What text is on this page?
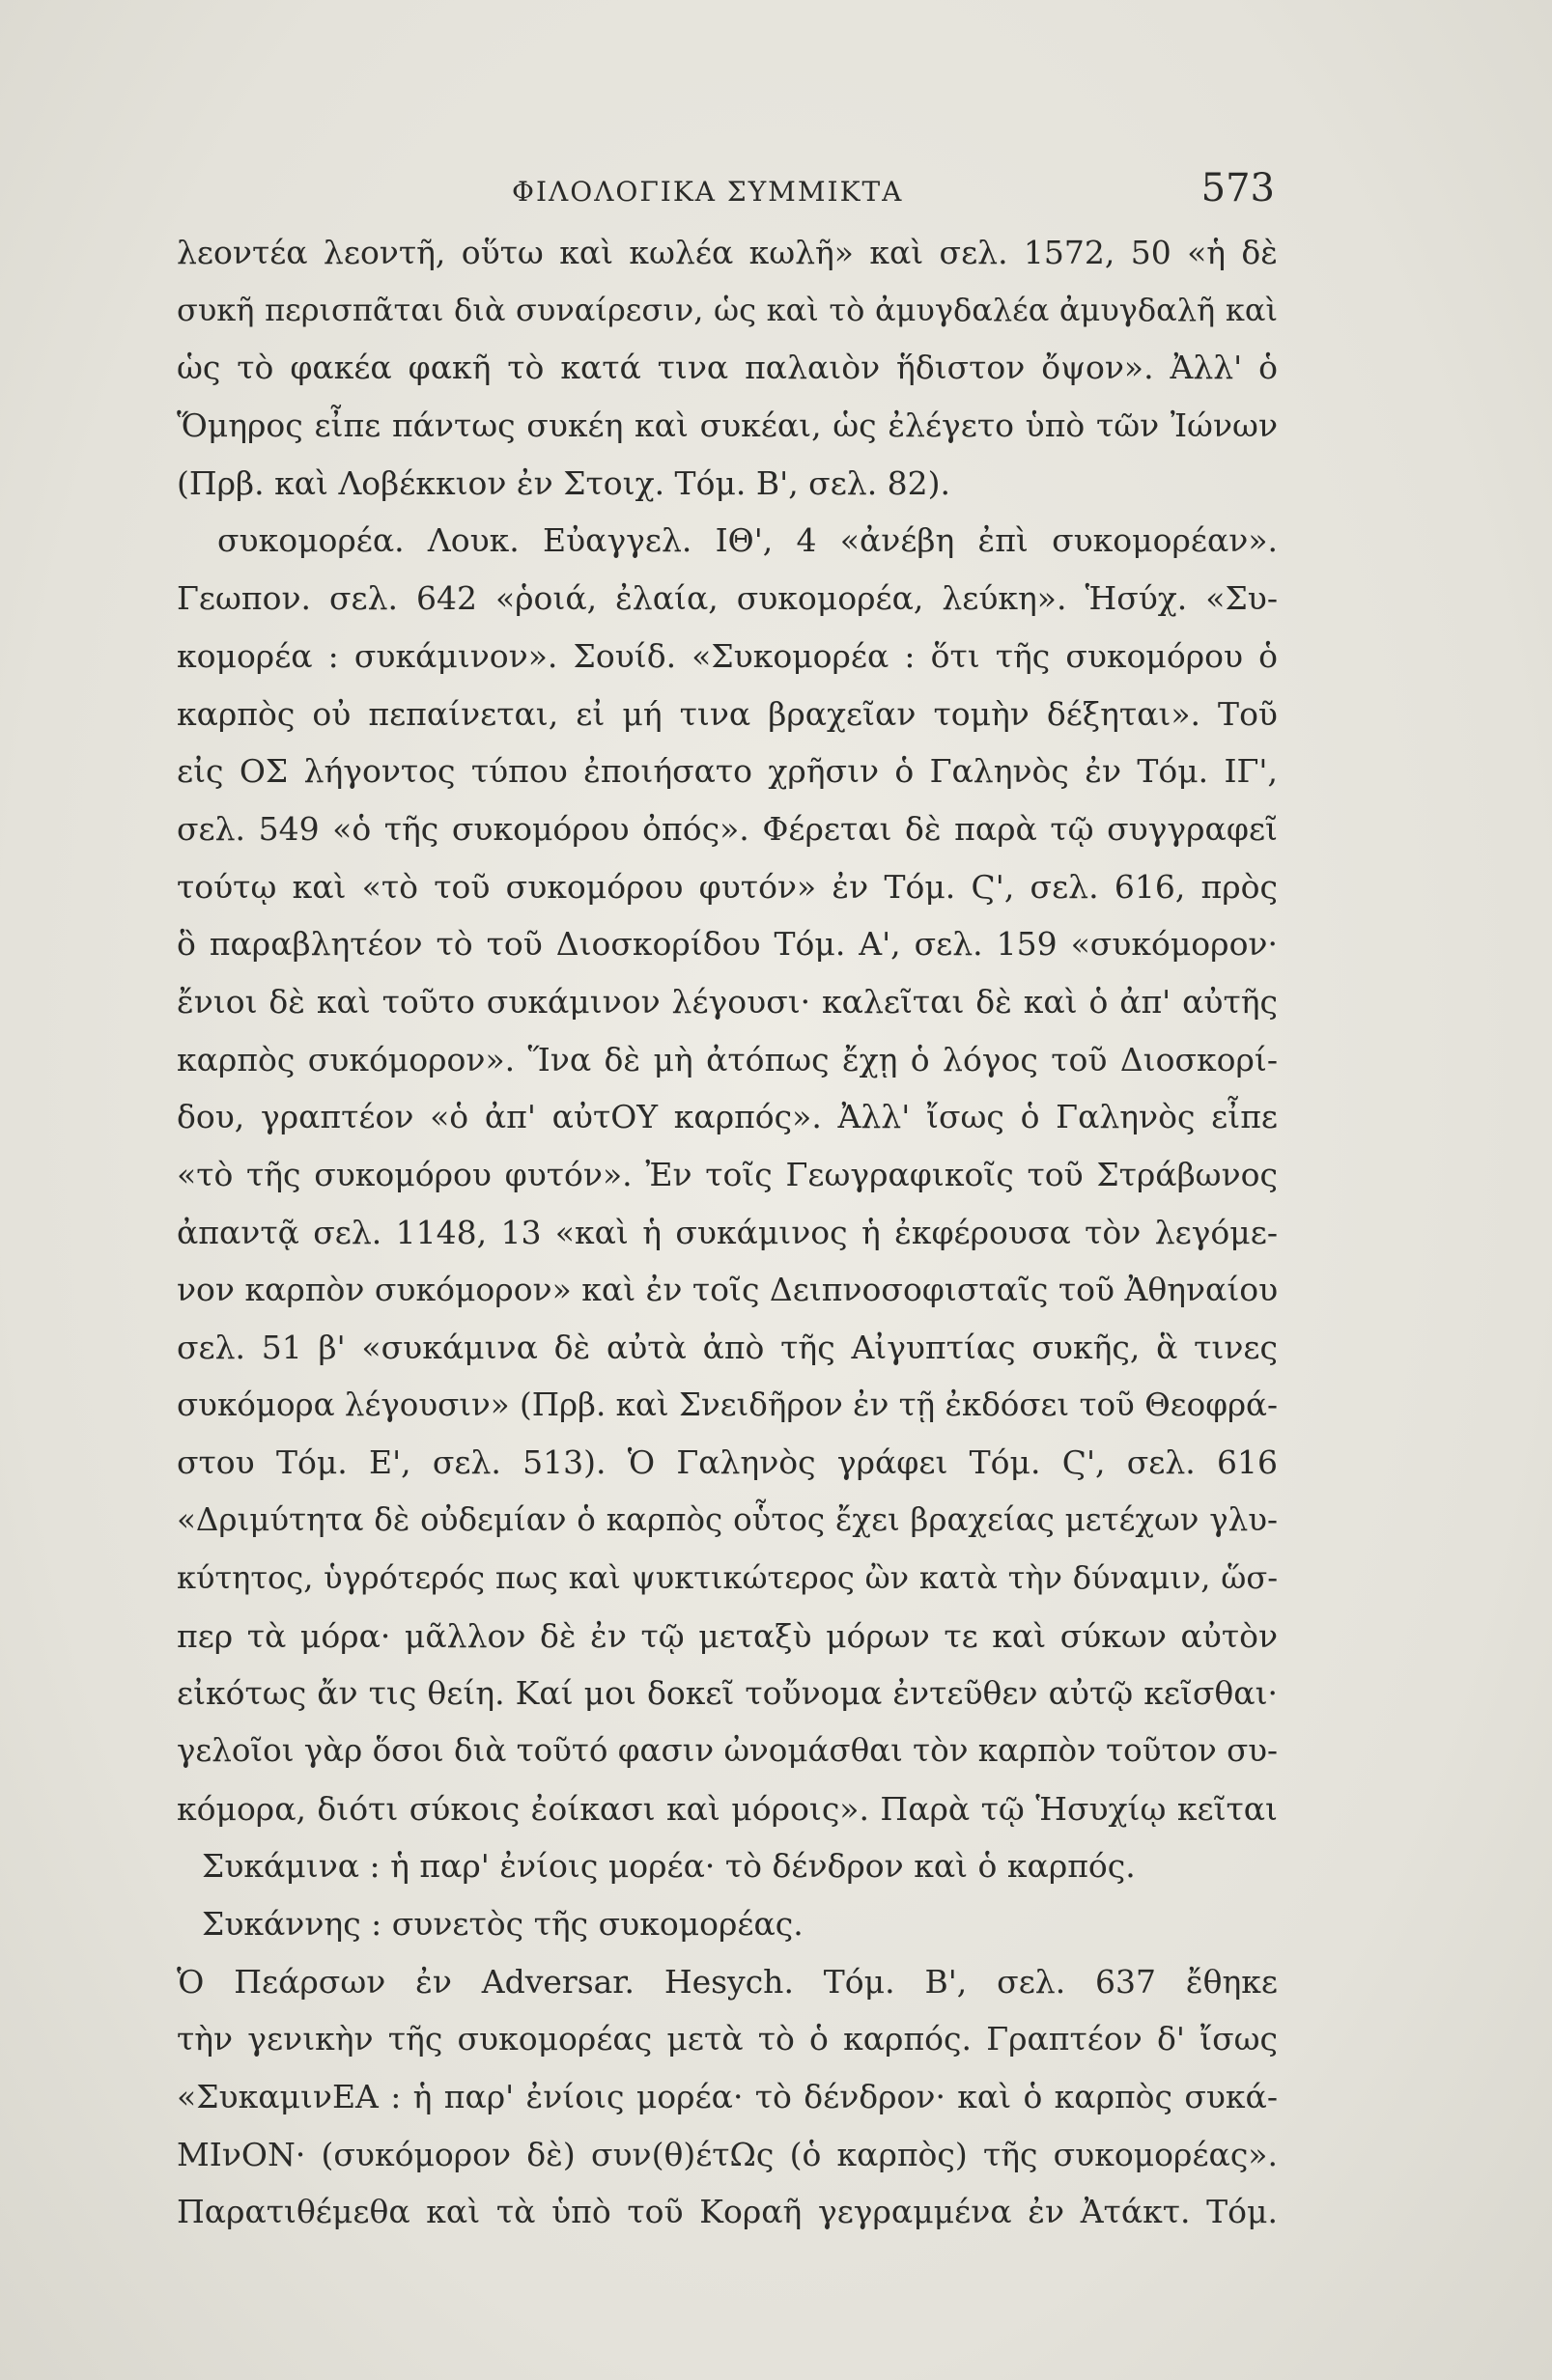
ΦΙΛΟΛΟΓΙΚΑ ΣΥΜΜΙΚΤΑ	573
λεοντέα λεοντῆ, οὕτω καὶ κωλέα κωλῆ» καὶ σελ. 1572, 50 «ἡ δὲ
συκῆ περισπᾶται διὰ συναίρεσιν, ὡς καὶ τὸ ἀμυγδαλέα ἀμυγδαλῆ καὶ
ὡς τὸ φακέα φακῆ τὸ κατά τινα παλαιὸν ἥδιστον ὄψον». Ἀλλ' ὁ
Ὅμηρος εἶπε πάντως συκέη καὶ συκέαι, ὡς ἐλέγετο ὑπὸ τῶν Ἰώνων
(Πρβ. καὶ Λοβέκκιον ἐν Στοιχ. Τόμ. Β', σελ. 82).
συκομορέα. Λουκ. Εὐαγγελ. ΙΘ', 4 «ἀνέβη ἐπὶ συκομορέαν».
Γεωπον. σελ. 642 «ῥοιά, ἐλαία, συκομορέα, λεύκη». Ἡσύχ. «Συ-
κομορέα : συκάμινον». Σουίδ. «Συκομορέα : ὅτι τῆς συκομόρου ὁ
καρπὸς οὐ πεπαίνεται, εἰ μή τινα βραχεῖαν τομὴν δέξηται». Τοῦ
εἰς ΟΣ λήγοντος τύπου ἐποιήσατο χρῆσιν ὁ Γαληνὸς ἐν Τόμ. ΙΓ',
σελ. 549 «ὁ τῆς συκομόρου ὀπός». Φέρεται δὲ παρὰ τῷ συγγραφεῖ
τούτῳ καὶ «τὸ τοῦ συκομόρου φυτόν» ἐν Τόμ. Ϛ', σελ. 616, πρὸς
ὃ παραβλητέον τὸ τοῦ Διοσκορίδου Τόμ. Α', σελ. 159 «συκόμορον·
ἔνιοι δὲ καὶ τοῦτο συκάμινον λέγουσι· καλεῖται δὲ καὶ ὁ ἀπ' αὐτῆς
καρπὸς συκόμορον». Ἵνα δὲ μὴ ἀτόπως ἔχῃ ὁ λόγος τοῦ Διοσκορί-
δου, γραπτέον «ὁ ἀπ' αὐτΟΥ καρπός». Ἀλλ' ἴσως ὁ Γαληνὸς εἶπε
«τὸ τῆς συκομόρου φυτόν». Ἐν τοῖς Γεωγραφικοῖς τοῦ Στράβωνος
ἀπαντᾷ σελ. 1148, 13 «καὶ ἡ συκάμινος ἡ ἐκφέρουσα τὸν λεγόμε-
νον καρπὸν συκόμορον» καὶ ἐν τοῖς Δειπνοσοφισταῖς τοῦ Ἀθηναίου
σελ. 51 β' «συκάμινα δὲ αὐτὰ ἀπὸ τῆς Αἰγυπτίας συκῆς, ἃ τινες
συκόμορα λέγουσιν» (Πρβ. καὶ Σνειδῆρον ἐν τῇ ἐκδόσει τοῦ Θεοφρά-
στου Τόμ. Ε', σελ. 513). Ὁ Γαληνὸς γράφει Τόμ. Ϛ', σελ. 616
«Δριμύτητα δὲ οὐδεμίαν ὁ καρπὸς οὗτος ἔχει βραχείας μετέχων γλυ-
κύτητος, ὑγρότερός πως καὶ ψυκτικώτερος ὢν κατὰ τὴν δύναμιν, ὥσ-
περ τὰ μόρα· μᾶλλον δὲ ἐν τῷ μεταξὺ μόρων τε καὶ σύκων αὐτὸν
εἰκότως ἄν τις θείη. Καί μοι δοκεῖ τοὔνομα ἐντεῦθεν αὐτῷ κεῖσθαι·
γελοῖοι γὰρ ὅσοι διὰ τοῦτό φασιν ὠνομάσθαι τὸν καρπὸν τοῦτον συ-
κόμορα, διότι σύκοις ἐοίκασι καὶ μόροις». Παρὰ τῷ Ἡσυχίῳ κεῖται
Συκάμινα : ἡ παρ' ἐνίοις μορέα· τὸ δένδρον καὶ ὁ καρπός.
Συκάννης : συνετὸς τῆς συκομορέας.
Ὁ Πεάρσων ἐν Adversar. Hesych. Τόμ. Β', σελ. 637 ἔθηκε
τὴν γενικὴν τῆς συκομορέας μετὰ τὸ ὁ καρπός. Γραπτέον δ' ἴσως
«ΣυκαμινΕΑ : ἡ παρ' ἐνίοις μορέα· τὸ δένδρον· καὶ ὁ καρπὸς συκά-
ΜΙνΟΝ· (συκόμορον δὲ) συν(θ)έτΩς (ὁ καρπὸς) τῆς συκομορέας».
Παρατιθέμεθα καὶ τὰ ὑπὸ τοῦ Κοραῆ γεγραμμένα ἐν Ἀτάκτ. Τόμ.
